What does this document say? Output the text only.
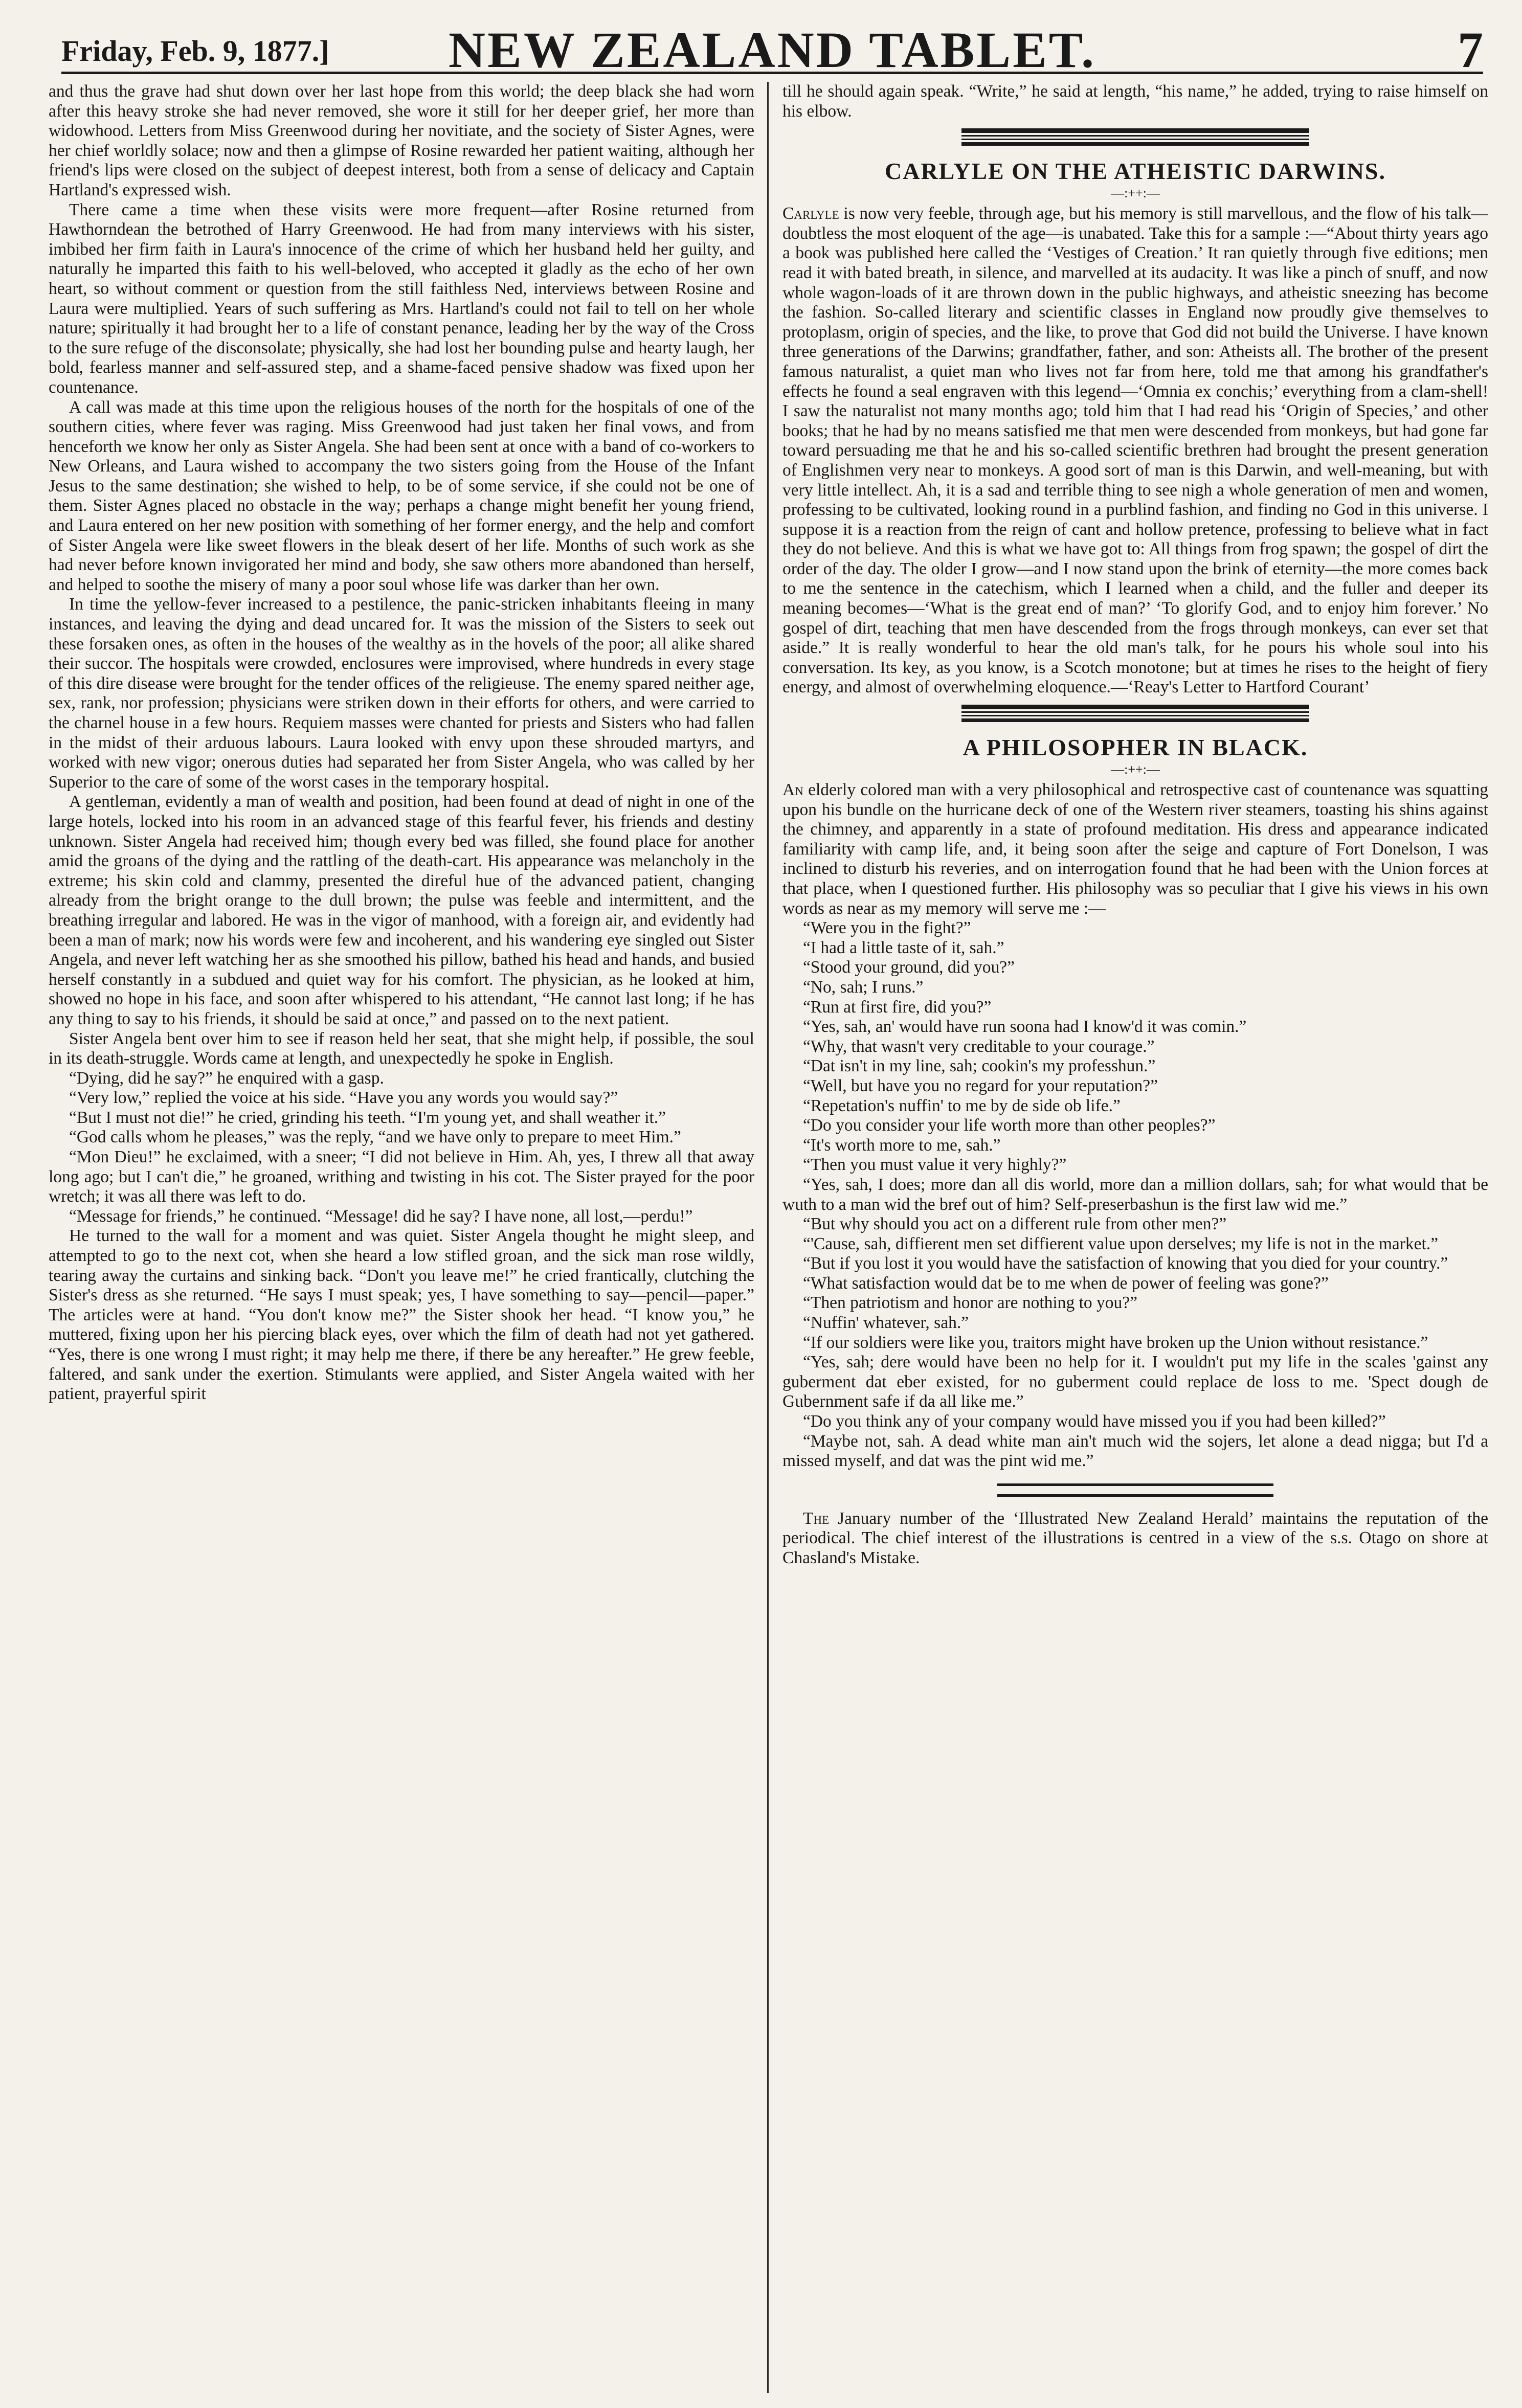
Friday, Feb. 9, 1877.]	NEW ZEALAND TABLET.	7

and thus the grave had shut down over her last hope from this world; the deep black she had worn after this heavy stroke she had never removed, she wore it still for her deeper grief, her more than widowhood. Letters from Miss Greenwood during her novitiate, and the society of Sister Agnes, were her chief worldly solace; now and then a glimpse of Rosine rewarded her patient waiting, although her friend's lips were closed on the subject of deepest interest, both from a sense of delicacy and Captain Hartland's expressed wish.

There came a time when these visits were more frequent—after Rosine returned from Hawthorndean the betrothed of Harry Greenwood. He had from many interviews with his sister, imbibed her firm faith in Laura's innocence of the crime of which her husband held her guilty, and naturally he imparted this faith to his well-beloved, who accepted it gladly as the echo of her own heart, so without comment or question from the still faithless Ned, interviews between Rosine and Laura were multiplied. Years of such suffering as Mrs. Hartland's could not fail to tell on her whole nature; spiritually it had brought her to a life of constant penance, leading her by the way of the Cross to the sure refuge of the disconsolate; physically, she had lost her bounding pulse and hearty laugh, her bold, fearless manner and self-assured step, and a shame-faced pensive shadow was fixed upon her countenance.

A call was made at this time upon the religious houses of the north for the hospitals of one of the southern cities, where fever was raging. Miss Greenwood had just taken her final vows, and from henceforth we know her only as Sister Angela. She had been sent at once with a band of co-workers to New Orleans, and Laura wished to accompany the two sisters going from the House of the Infant Jesus to the same destination; she wished to help, to be of some service, if she could not be one of them. Sister Agnes placed no obstacle in the way; perhaps a change might benefit her young friend, and Laura entered on her new position with something of her former energy, and the help and comfort of Sister Angela were like sweet flowers in the bleak desert of her life. Months of such work as she had never before known invigorated her mind and body, she saw others more abandoned than herself, and helped to soothe the misery of many a poor soul whose life was darker than her own.

In time the yellow-fever increased to a pestilence, the panic-stricken inhabitants fleeing in many instances, and leaving the dying and dead uncared for. It was the mission of the Sisters to seek out these forsaken ones, as often in the houses of the wealthy as in the hovels of the poor; all alike shared their succor. The hospitals were crowded, enclosures were improvised, where hundreds in every stage of this dire disease were brought for the tender offices of the religieuse. The enemy spared neither age, sex, rank, nor profession; physicians were striken down in their efforts for others, and were carried to the charnel house in a few hours. Requiem masses were chanted for priests and Sisters who had fallen in the midst of their arduous labours. Laura looked with envy upon these shrouded martyrs, and worked with new vigor; onerous duties had separated her from Sister Angela, who was called by her Superior to the care of some of the worst cases in the temporary hospital.

A gentleman, evidently a man of wealth and position, had been found at dead of night in one of the large hotels, locked into his room in an advanced stage of this fearful fever, his friends and destiny unknown. Sister Angela had received him; though every bed was filled, she found place for another amid the groans of the dying and the rattling of the death-cart. His appearance was melancholy in the extreme; his skin cold and clammy, presented the direful hue of the advanced patient, changing already from the bright orange to the dull brown; the pulse was feeble and intermittent, and the breathing irregular and labored. He was in the vigor of manhood, with a foreign air, and evidently had been a man of mark; now his words were few and incoherent, and his wandering eye singled out Sister Angela, and never left watching her as she smoothed his pillow, bathed his head and hands, and busied herself constantly in a subdued and quiet way for his comfort. The physician, as he looked at him, showed no hope in his face, and soon after whispered to his attendant, “He cannot last long; if he has any thing to say to his friends, it should be said at once,” and passed on to the next patient.

Sister Angela bent over him to see if reason held her seat, that she might help, if possible, the soul in its death-struggle. Words came at length, and unexpectedly he spoke in English.

“Dying, did he say?” he enquired with a gasp.

“Very low,” replied the voice at his side. “Have you any words you would say?”

“But I must not die!” he cried, grinding his teeth. “I'm young yet, and shall weather it.”

“God calls whom he pleases,” was the reply, “and we have only to prepare to meet Him.”

“Mon Dieu!” he exclaimed, with a sneer; “I did not believe in Him. Ah, yes, I threw all that away long ago; but I can't die,” he groaned, writhing and twisting in his cot. The Sister prayed for the poor wretch; it was all there was left to do.

“Message for friends,” he continued. “Message! did he say? I have none, all lost,—perdu!”

He turned to the wall for a moment and was quiet. Sister Angela thought he might sleep, and attempted to go to the next cot, when she heard a low stifled groan, and the sick man rose wildly, tearing away the curtains and sinking back. “Don't you leave me!” he cried frantically, clutching the Sister's dress as she returned. “He says I must speak; yes, I have something to say—pencil—paper.” The articles were at hand. “You don't know me?” the Sister shook her head. “I know you,” he muttered, fixing upon her his piercing black eyes, over which the film of death had not yet gathered. “Yes, there is one wrong I must right; it may help me there, if there be any hereafter.” He grew feeble, faltered, and sank under the exertion. Stimulants were applied, and Sister Angela waited with her patient, prayerful spirit

till he should again speak. “Write,” he said at length, “his name,” he added, trying to raise himself on his elbow.

CARLYLE ON THE ATHEISTIC DARWINS.
—:++:—

Carlyle is now very feeble, through age, but his memory is still marvellous, and the flow of his talk—doubtless the most eloquent of the age—is unabated. Take this for a sample :—“About thirty years ago a book was published here called the ‘Vestiges of Creation.’ It ran quietly through five editions; men read it with bated breath, in silence, and marvelled at its audacity. It was like a pinch of snuff, and now whole wagon-loads of it are thrown down in the public highways, and atheistic sneezing has become the fashion. So-called literary and scientific classes in England now proudly give themselves to protoplasm, origin of species, and the like, to prove that God did not build the Universe. I have known three generations of the Darwins; grandfather, father, and son: Atheists all. The brother of the present famous naturalist, a quiet man who lives not far from here, told me that among his grandfather's effects he found a seal engraven with this legend—‘Omnia ex conchis;’ everything from a clam-shell! I saw the naturalist not many months ago; told him that I had read his ‘Origin of Species,’ and other books; that he had by no means satisfied me that men were descended from monkeys, but had gone far toward persuading me that he and his so-called scientific brethren had brought the present generation of Englishmen very near to monkeys. A good sort of man is this Darwin, and well-meaning, but with very little intellect. Ah, it is a sad and terrible thing to see nigh a whole generation of men and women, professing to be cultivated, looking round in a purblind fashion, and finding no God in this universe. I suppose it is a reaction from the reign of cant and hollow pretence, professing to believe what in fact they do not believe. And this is what we have got to: All things from frog spawn; the gospel of dirt the order of the day. The older I grow—and I now stand upon the brink of eternity—the more comes back to me the sentence in the catechism, which I learned when a child, and the fuller and deeper its meaning becomes—‘What is the great end of man?’ ‘To glorify God, and to enjoy him forever.’ No gospel of dirt, teaching that men have descended from the frogs through monkeys, can ever set that aside.” It is really wonderful to hear the old man's talk, for he pours his whole soul into his conversation. Its key, as you know, is a Scotch monotone; but at times he rises to the height of fiery energy, and almost of overwhelming eloquence.—‘Reay's Letter to Hartford Courant’

A PHILOSOPHER IN BLACK.
—:++:—

An elderly colored man with a very philosophical and retrospective cast of countenance was squatting upon his bundle on the hurricane deck of one of the Western river steamers, toasting his shins against the chimney, and apparently in a state of profound meditation. His dress and appearance indicated familiarity with camp life, and, it being soon after the seige and capture of Fort Donelson, I was inclined to disturb his reveries, and on interrogation found that he had been with the Union forces at that place, when I questioned further. His philosophy was so peculiar that I give his views in his own words as near as my memory will serve me :—

“Were you in the fight?”

“I had a little taste of it, sah.”

“Stood your ground, did you?”

“No, sah; I runs.”

“Run at first fire, did you?”

“Yes, sah, an' would have run soona had I know'd it was comin.”

“Why, that wasn't very creditable to your courage.”

“Dat isn't in my line, sah; cookin's my professhun.”

“Well, but have you no regard for your reputation?”

“Repetation's nuffin' to me by de side ob life.”

“Do you consider your life worth more than other peoples?”

“It's worth more to me, sah.”

“Then you must value it very highly?”

“Yes, sah, I does; more dan all dis world, more dan a million dollars, sah; for what would that be wuth to a man wid the bref out of him? Self-preserbashun is the first law wid me.”

“But why should you act on a different rule from other men?”

“'Cause, sah, diffierent men set diffierent value upon derselves; my life is not in the market.”

“But if you lost it you would have the satisfaction of knowing that you died for your country.”

“What satisfaction would dat be to me when de power of feeling was gone?”

“Then patriotism and honor are nothing to you?”

“Nuffin' whatever, sah.”

“If our soldiers were like you, traitors might have broken up the Union without resistance.”

“Yes, sah; dere would have been no help for it. I wouldn't put my life in the scales 'gainst any guberment dat eber existed, for no guberment could replace de loss to me. 'Spect dough de Gubernment safe if da all like me.”

“Do you think any of your company would have missed you if you had been killed?”

“Maybe not, sah. A dead white man ain't much wid the sojers, let alone a dead nigga; but I'd a missed myself, and dat was the pint wid me.”

The January number of the ‘Illustrated New Zealand Herald’ maintains the reputation of the periodical. The chief interest of the illustrations is centred in a view of the s.s. Otago on shore at Chasland's Mistake.
